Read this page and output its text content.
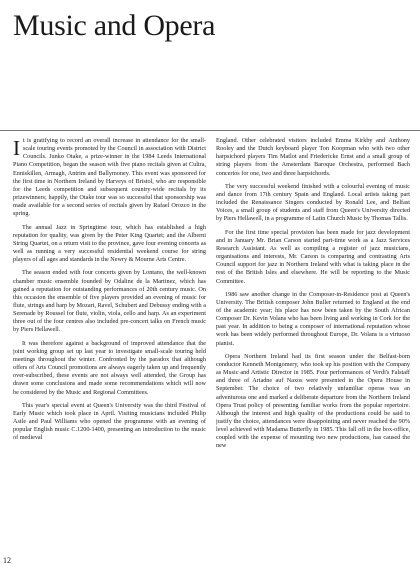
Music and Opera

It is gratifying to record an overall increase in attendance for the small-scale touring events promoted by the Council in association with District Councils. Junko Otake, a prize-winner in the 1984 Leeds International Piano Competition, began the season with five piano recitals given at Cultra, Enniskillen, Armagh, Antrim and Ballymoney. This event was sponsored for the first time in Northern Ireland by Harveys of Bristol, who are responsible for the Leeds competition and subsequent country-wide recitals by its prizewinners; happily, the Otake tour was so successful that sponsorship was made available for a second series of recitals given by Rafael Orozco in the spring.

The annual Jazz in Springtime tour, which has established a high reputation for quality, was given by the Peter King Quartet; and the Alberni String Quartet, on a return visit to the province, gave four evening concerts as well as running a very successful residential weekend course for string players of all ages and standards in the Newry & Mourne Arts Centre.

The season ended with four concerts given by Lontano, the well-known chamber music ensemble founded by Odaline de la Martinez, which has gained a reputation for outstanding performances of 20th century music. On this occasion the ensemble of five players provided an evening of music for flute, strings and harp by Mozart, Ravel, Schubert and Debussy ending with a Serenade by Roussel for flute, violin, viola, cello and harp. As an experiment three out of the four centres also included pre-concert talks on French music by Piers Hellawell.

It was therefore against a background of improved attendance that the joint working group set up last year to investigate small-scale touring held meetings throughout the winter. Confronted by the paradox that although offers of Arts Council promotions are always eagerly taken up and frequently over-subscribed, these events are not always well attended, the Group has drawn some conclusions and made some recommendations which will now be considered by the Music and Regional Committees.

This year's special event at Queen's University was the third Festival of Early Music which took place in April. Visiting musicians included Philip Astle and Paul Williams who opened the programme with an evening of popular English music C.1200-1400, presenting an introduction to the music of medieval

England. Other celebrated visitors included Emma Kirkby and Anthony Rooley and the Dutch keyboard player Ton Koopman who with two other harpsichord players Tim Matlot and Friedericke Ernst and a small group of string players from the Amsterdam Baroque Orchestra, performed Bach concertos for one, two and three harpsichords.

The very successful weekend finished with a colourful evening of music and dance from 17th century Spain and England. Local artists taking part included the Renaissance Singers conducted by Ronald Lee, and Belfast Voices, a small group of students and staff from Queen's University directed by Piers Hellawell, in a programme of Latin Church Music by Thomas Tallis.

For the first time special provision has been made for jazz development and in January Mr. Brian Carson started part-time work as a Jazz Services Research Assistant. As well as compiling a register of jazz musicians, organisations and interests, Mr. Carson is comparing and contrasting Arts Council support for jazz in Northern Ireland with what is taking place in the rest of the British Isles and elsewhere. He will be reporting to the Music Committee.

1986 saw another change in the Composer-in-Residence post at Queen's University. The British composer John Buller returned to England at the end of the academic year; his place has now been taken by the South African Composer Dr. Kevin Volans who has been living and working in Cork for the past year. In addition to being a composer of international reputation whose work has been widely performed throughout Europe, Dr. Volans is a virtuoso pianist.

Opera Northern Ireland had its first season under the Belfast-born conductor Kenneth Montgomery, who took up his position with the Company as Music and Artistic Director in 1985. Four performances of Verdi's Falstaff and three of Ariadne auf Naxos were presented in the Opera House in September. The choice of two relatively unfamiliar operas was an adventurous one and marked a deliberate departure from the Northern Ireland Opera Trust policy of presenting familiar works from the popular repertoire. Although the interest and high quality of the productions could be said to justify the choice, attendances were disappointing and never reached the 90% level achieved with Madama Butterfly in 1985. This fall off in the box-office, coupled with the expense of mounting two new productions, has caused the new

12
